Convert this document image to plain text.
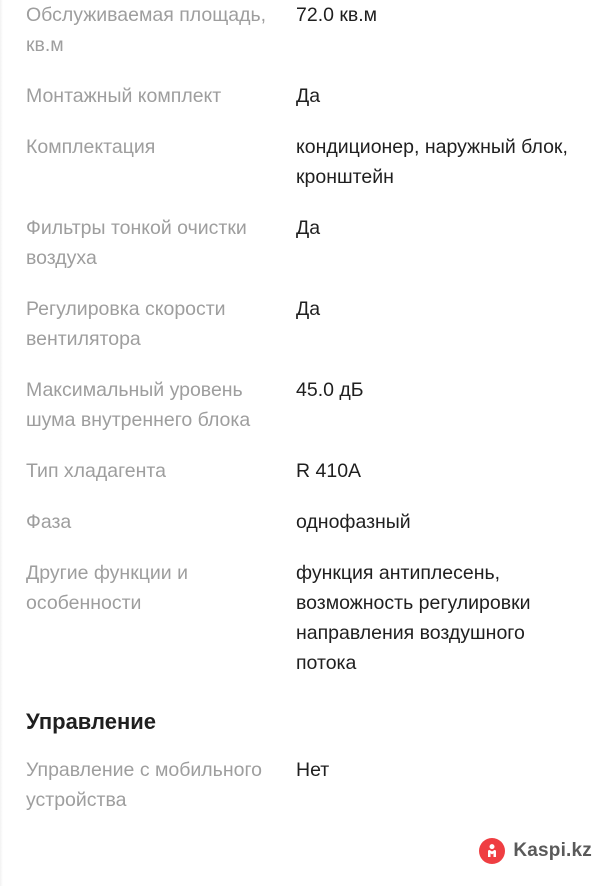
Обслуживаемая площадь, кв.м	72.0 кв.м
Монтажный комплект	Да
Комплектация	кондиционер, наружный блок, кронштейн
Фильтры тонкой очистки воздуха	Да
Регулировка скорости вентилятора	Да
Максимальный уровень шума внутреннего блока	45.0 дБ
Тип хладагента	R 410A
Фаза	однофазный
Другие функции и особенности	функция антиплесень, возможность регулировки направления воздушного потока
Управление	
Управление с мобильного устройства	Нет
Kaspi.kz
